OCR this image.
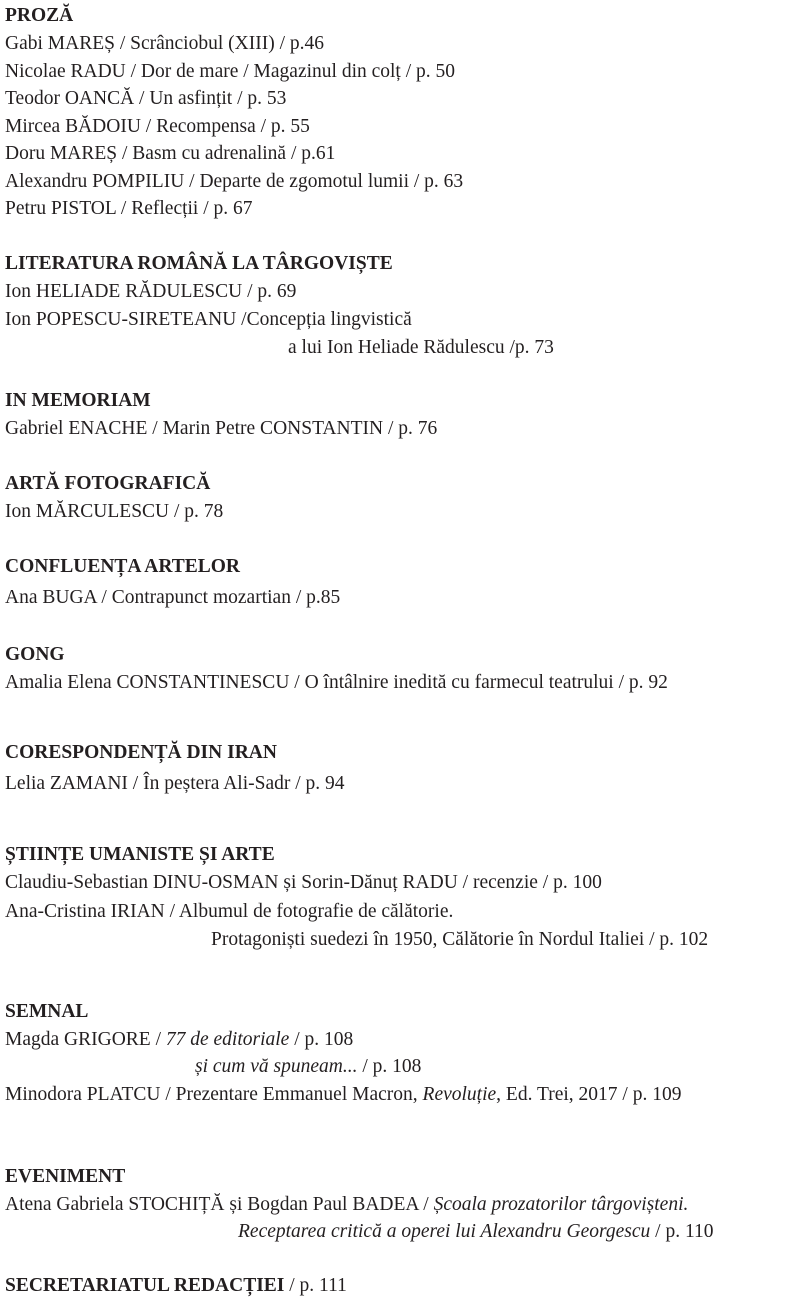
PROZĂ
Gabi MAREȘ / Scrânciobul (XIII) / p.46
Nicolae RADU / Dor de mare / Magazinul din colț / p. 50
Teodor OANCĂ / Un asfințit / p. 53
Mircea BĂDOIU / Recompensa / p. 55
Doru MAREȘ / Basm cu adrenalină / p.61
Alexandru POMPILIU / Departe de zgomotul lumii / p. 63
Petru PISTOL / Reflecții / p. 67
LITERATURA ROMÂNĂ LA TÂRGOVIȘTE
Ion HELIADE RĂDULESCU / p. 69
Ion POPESCU-SIRETEANU /Concepția lingvistică
a lui Ion Heliade Rădulescu /p. 73
IN MEMORIAM
Gabriel ENACHE / Marin Petre CONSTANTIN / p. 76
ARTĂ FOTOGRAFICĂ
Ion MĂRCULESCU / p. 78
CONFLUENȚA ARTELOR
Ana BUGA / Contrapunct mozartian / p.85
GONG
Amalia Elena CONSTANTINESCU / O întâlnire inedită cu farmecul teatrului / p. 92
CORESPONDENȚĂ DIN IRAN
Lelia ZAMANI / În peștera Ali-Sadr / p. 94
ȘTIINȚE UMANISTE ȘI ARTE
Claudiu-Sebastian DINU-OSMAN și Sorin-Dănuț RADU / recenzie / p. 100
Ana-Cristina IRIAN / Albumul de fotografie de călătorie.
Protagoniști suedezi în 1950, Călătorie în Nordul Italiei / p. 102
SEMNAL
Magda GRIGORE / 77 de editoriale / p. 108
și cum vă spuneam... / p. 108
Minodora PLATCU / Prezentare Emmanuel Macron, Revoluție, Ed. Trei, 2017 / p. 109
EVENIMENT
Atena Gabriela STOCHIȚĂ și Bogdan Paul BADEA / Școala prozatorilor târgovișteni.
Receptarea critică a operei lui Alexandru Georgescu / p. 110
SECRETARIATUL REDACȚIEI / p. 111
